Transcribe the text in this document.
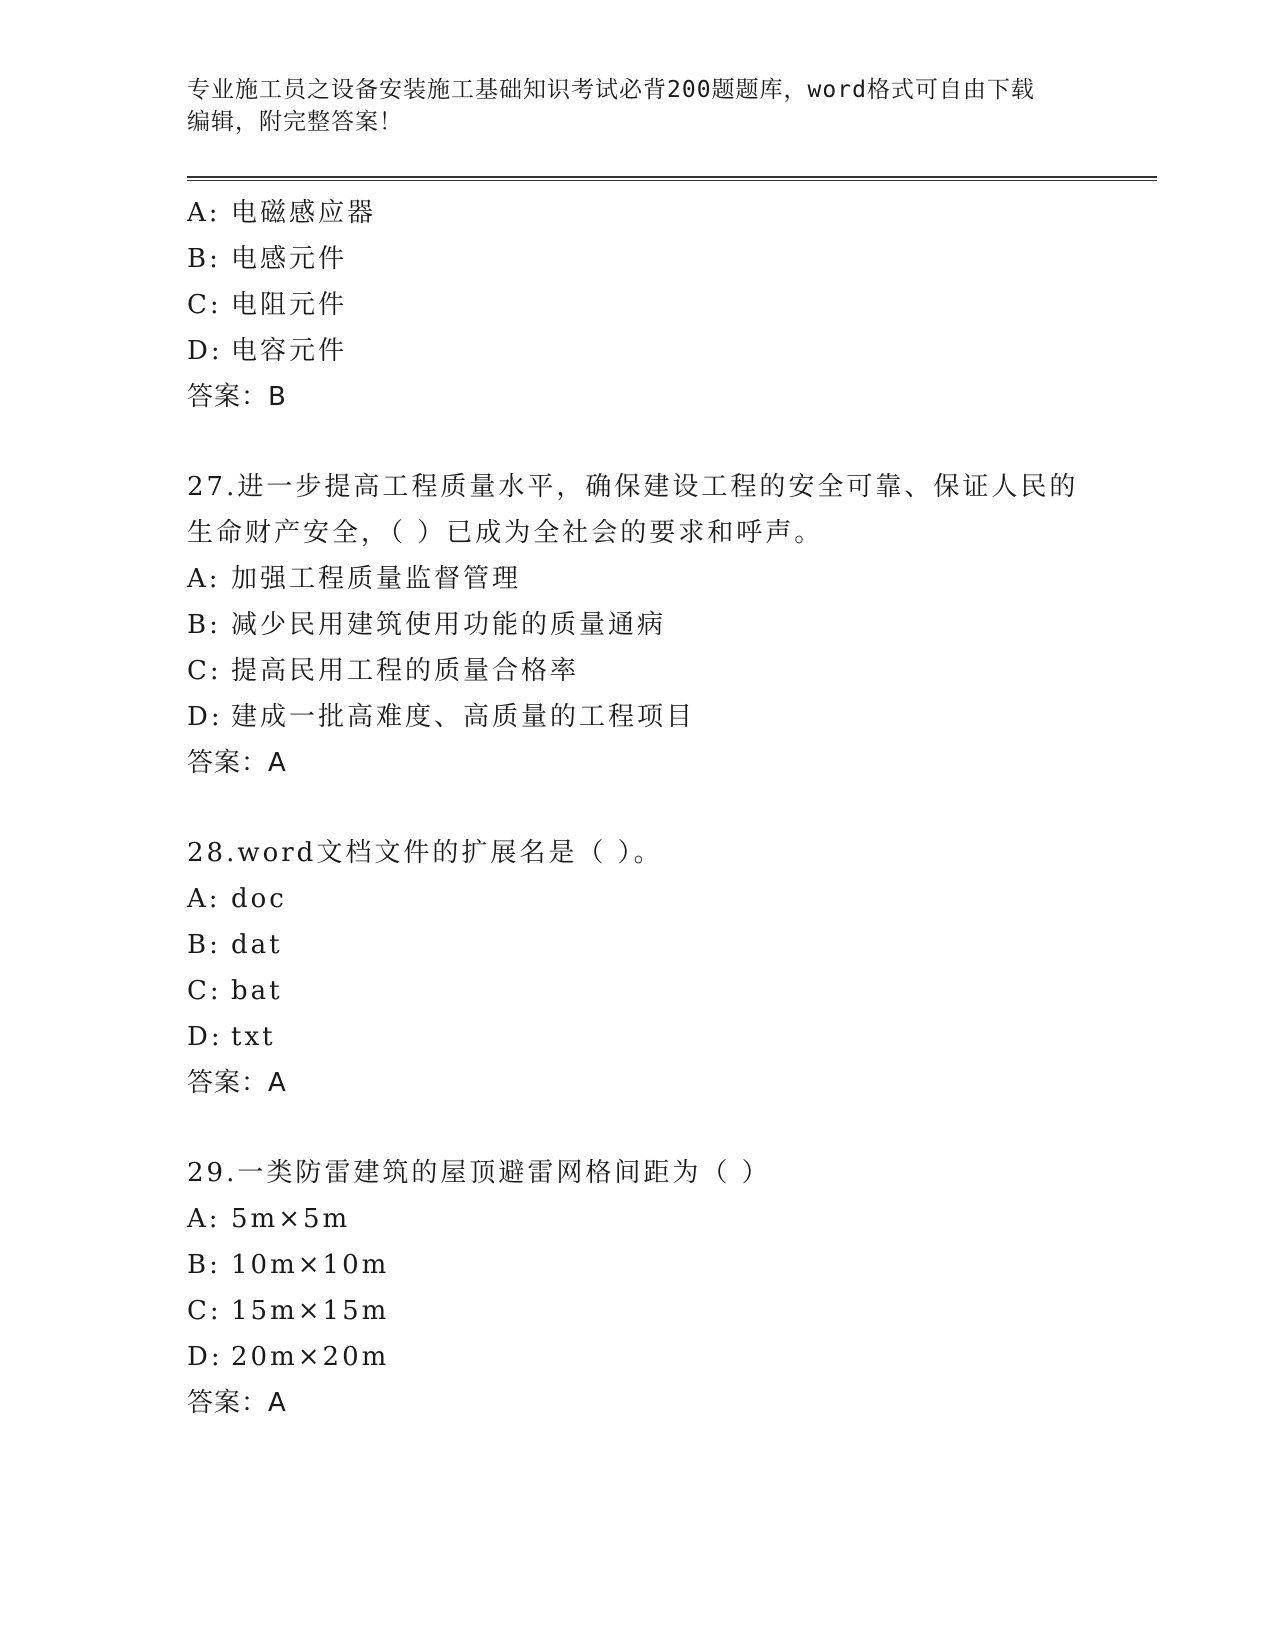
专业施工员之设备安装施工基础知识考试必背200题题库，word格式可自由下载
编辑，附完整答案！
A: 电磁感应器
B: 电感元件
C: 电阻元件
D: 电容元件
答案：B
27.进一步提高工程质量水平，确保建设工程的安全可靠、保证人民的
生命财产安全，（ ）已成为全社会的要求和呼声。
A: 加强工程质量监督管理
B: 减少民用建筑使用功能的质量通病
C: 提高民用工程的质量合格率
D: 建成一批高难度、高质量的工程项目
答案：A
28.word文档文件的扩展名是（ ）。
A: doc
B: dat
C: bat
D: txt
答案：A
29.一类防雷建筑的屋顶避雷网格间距为（ ）
A: 5m×5m
B: 10m×10m
C: 15m×15m
D: 20m×20m
答案：A
